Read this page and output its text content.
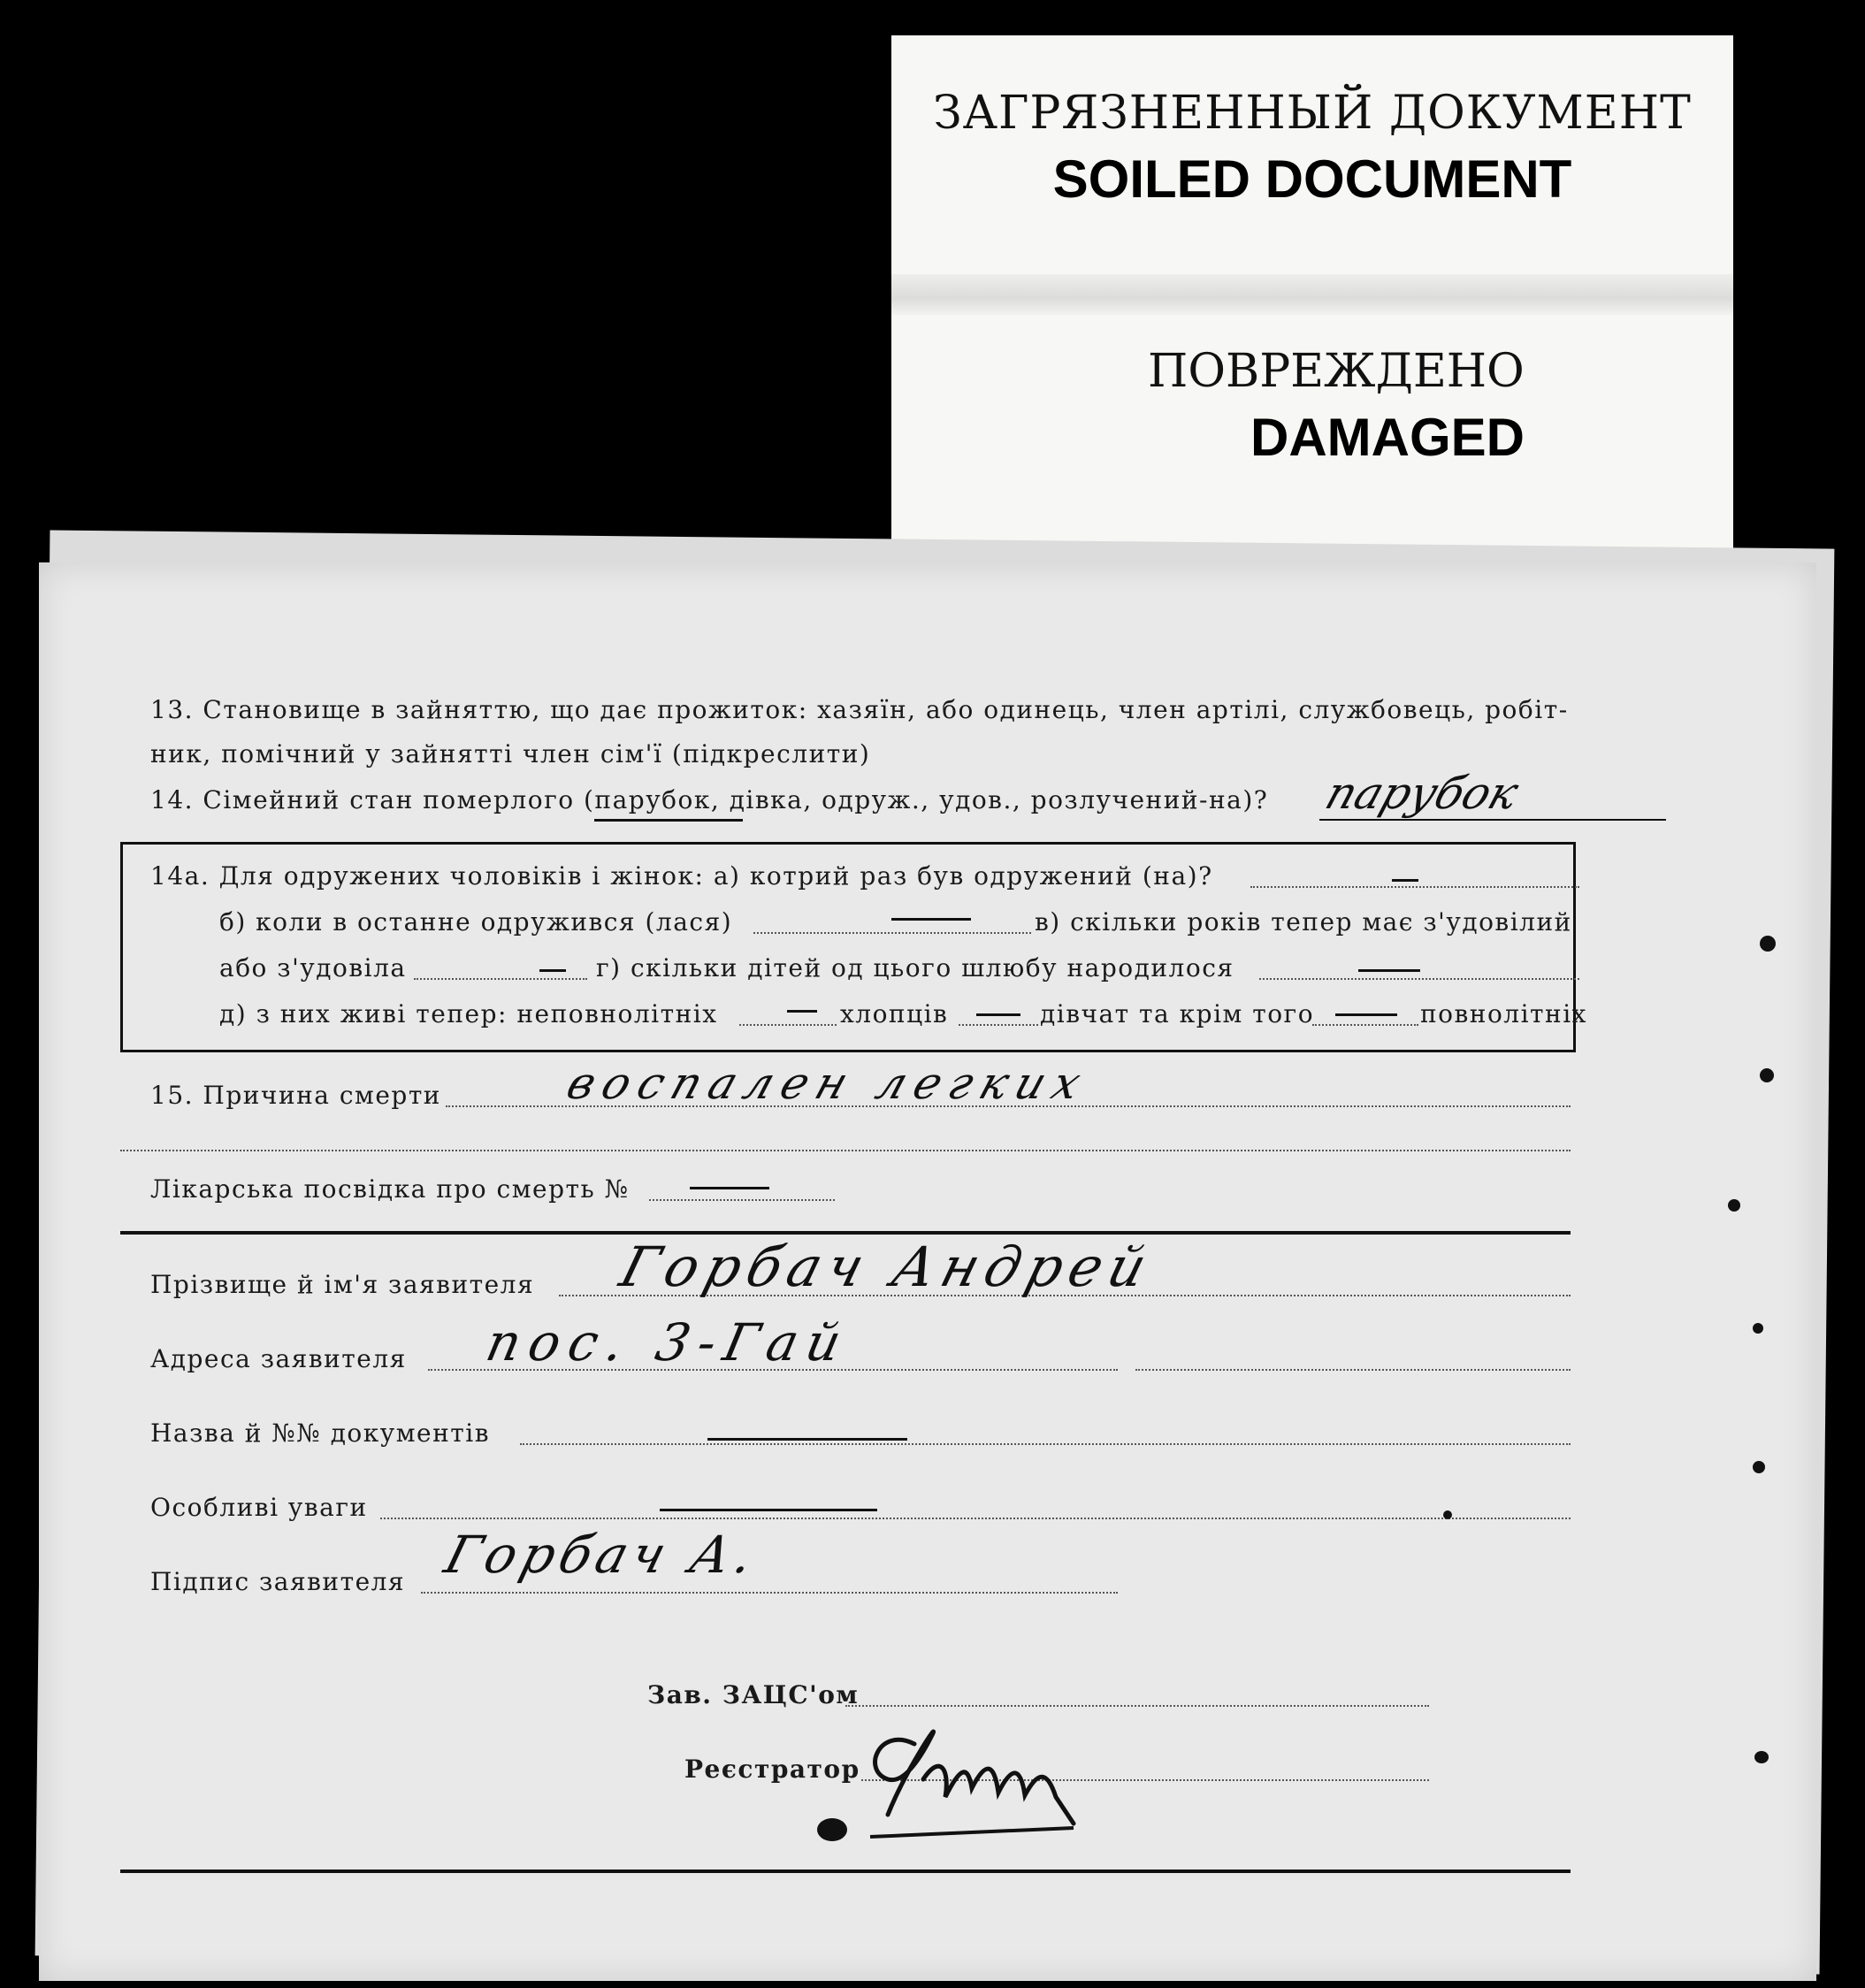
ЗАГРЯЗНЕННЫЙ ДОКУМЕНТ
SOILED DOCUMENT
ПОВРЕЖДЕНО
DAMAGED
13. Становище в зайняттю, що дає прожиток: хазяїн, або одинець, член артілі, службовець, робіт-
ник, помічний у зайнятті член сім'ї (підкреслити)
14. Сімейний стан померлого (парубок, дівка, одруж., удов., розлучений-на)? парубок
14а. Для одружених чоловіків і жінок: а) котрий раз був одружений (на)?
б) коли в останне одружився (лася)	в) скільки років тепер має з'удовілий
або з'удовіла	г) скільки дітей од цього шлюбу народилося
д) з них живі тепер: неповнолітніх	хлопців	дівчат та крім того	повнолітніх
15. Причина смерти	воспален легких
Лікарська посвідка про смерть №
Прізвище й ім'я заявителя Горбач Андрей
Адреса заявителя пос. 3-Гай
Назва й №№ документів
Особливі уваги
Підпис заявителя Горбач А.
Зав. ЗАЦС'ом
Реєстратор
